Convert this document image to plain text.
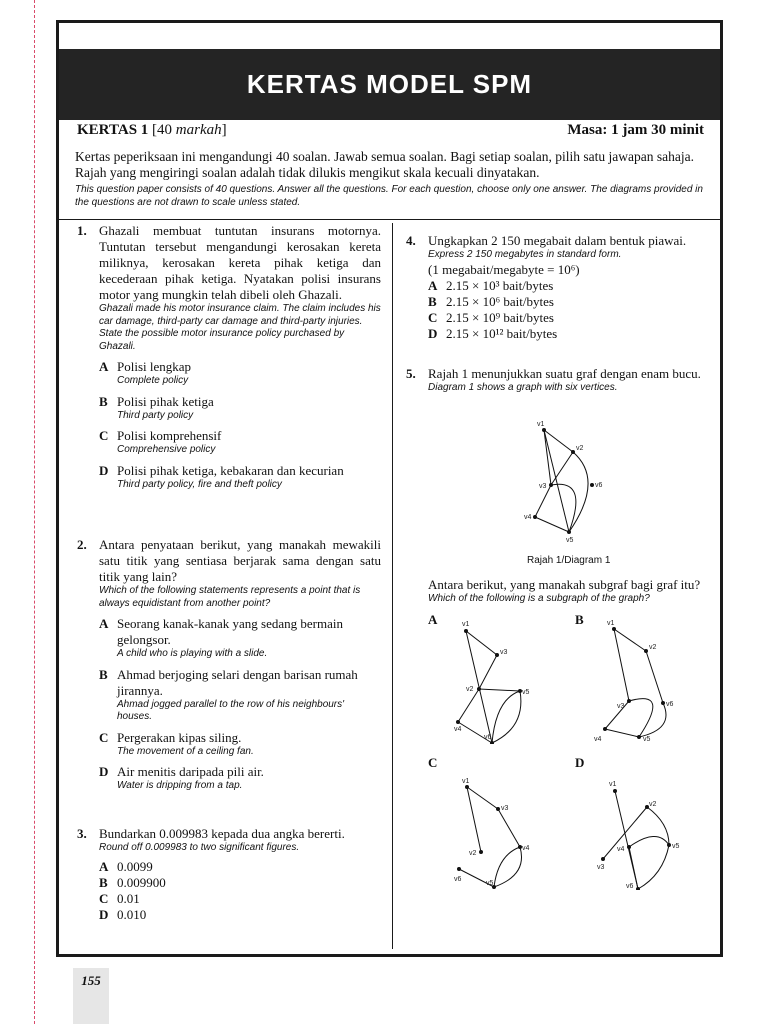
KERTAS MODEL SPM
KERTAS 1 [40 markah]	Masa: 1 jam 30 minit
Kertas peperiksaan ini mengandungi 40 soalan. Jawab semua soalan. Bagi setiap soalan, pilih satu jawapan sahaja. Rajah yang mengiringi soalan adalah tidak dilukis mengikut skala kecuali dinyatakan.
This question paper consists of 40 questions. Answer all the questions. For each question, choose only one answer. The diagrams provided in the questions are not drawn to scale unless stated.
1. Ghazali membuat tuntutan insurans motornya. Tuntutan tersebut mengandungi kerosakan kereta miliknya, kerosakan kereta pihak ketiga dan kecederaan pihak ketiga. Nyatakan polisi insurans motor yang mungkin telah dibeli oleh Ghazali.
Ghazali made his motor insurance claim. The claim includes his car damage, third-party car damage and third-party injuries. State the possible motor insurance policy purchased by Ghazali.
A Polisi lengkap
Complete policy
B Polisi pihak ketiga
Third party policy
C Polisi komprehensif
Comprehensive policy
D Polisi pihak ketiga, kebakaran dan kecurian
Third party policy, fire and theft policy
2. Antara penyataan berikut, yang manakah mewakili satu titik yang sentiasa berjarak sama dengan satu titik yang lain?
Which of the following statements represents a point that is always equidistant from another point?
A Seorang kanak-kanak yang sedang bermain gelongsor.
A child who is playing with a slide.
B Ahmad berjoging selari dengan barisan rumah jirannya.
Ahmad jogged parallel to the row of his neighbours' houses.
C Pergerakan kipas siling.
The movement of a ceiling fan.
D Air menitis daripada pili air.
Water is dripping from a tap.
3. Bundarkan 0.009983 kepada dua angka bererti.
Round off 0.009983 to two significant figures.
A 0.0099
B 0.009900
C 0.01
D 0.010
4. Ungkapkan 2 150 megabait dalam bentuk piawai.
Express 2 150 megabytes in standard form.
(1 megabait/megabyte = 10⁶)
A 2.15 × 10³ bait/bytes
B 2.15 × 10⁶ bait/bytes
C 2.15 × 10⁹ bait/bytes
D 2.15 × 10¹² bait/bytes
5. Rajah 1 menunjukkan suatu graf dengan enam bucu.
Diagram 1 shows a graph with six vertices.
v1
v2
v3
v4
v5
v6
Rajah 1/Diagram 1
Antara berikut, yang manakah subgraf bagi graf itu?
Which of the following is a subgraph of the graph?
A	v1
v3
v2	v5
v4
v6
B	v1
v2
v3	v6
v4	v5
C
v1
v3
v2
v4
v6
v5
D
v1
v2
v4	v5
v3
v6
155
